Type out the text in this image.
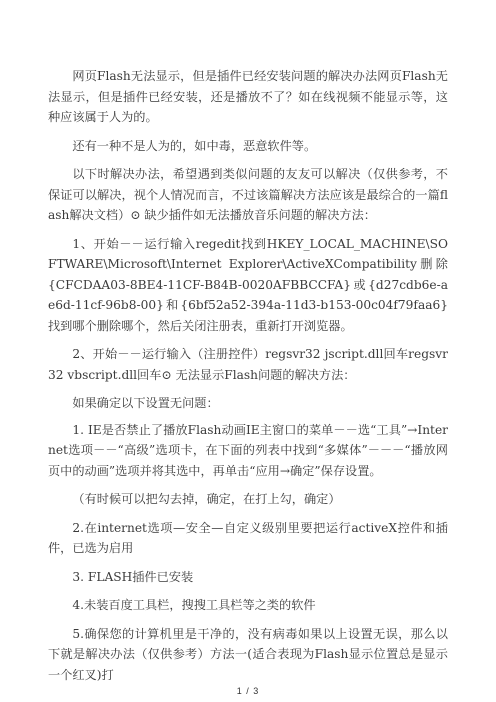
网页Flash无法显示，但是插件已经安装问题的解决办法网页Flash无法显示，但是插件已经安装，还是播放不了？如在线视频不能显示等，这种应该属于人为的。

还有一种不是人为的，如中毒，恶意软件等。

以下时解决办法，希望遇到类似问题的友友可以解决（仅供参考，不保证可以解决，视个人情况而言，不过该篇解决方法应该是最综合的一篇flash解决文档）⊙ 缺少插件如无法播放音乐问题的解决方法：

1、开始－－运行输入regedit找到HKEY_LOCAL_MACHINE\SOFTWARE\Microsoft\Internet Explorer\ActiveXCompatibility删除{CFCDAA03-8BE4-11CF-B84B-0020AFBBCCFA}或{d27cdb6e-ae6d-11cf-96b8-00}和{6bf52a52-394a-11d3-b153-00c04f79faa6}找到哪个删除哪个，然后关闭注册表，重新打开浏览器。

2、开始－－运行输入（注册控件）regsvr32 jscript.dll回车regsvr32 vbscript.dll回车⊙ 无法显示Flash问题的解决方法：

如果确定以下设置无问题：

1. IE是否禁止了播放Flash动画IE主窗口的菜单－－选“工具”→Internet选项－－“高级”选项卡，在下面的列表中找到“多媒体”－－－“播放网页中的动画”选项并将其选中，再单击“应用→确定”保存设置。

（有时候可以把勾去掉，确定，在打上勾，确定）

2.在internet选项—安全—自定义级别里要把运行activeX控件和插件，已选为启用

3. FLASH插件已安装

4.未装百度工具栏，搜搜工具栏等之类的软件

5.确保您的计算机里是干净的，没有病毒如果以上设置无误，那么以下就是解决办法（仅供参考）方法一(适合表现为Flash显示位置总是显示一个红叉)打

1 / 3
